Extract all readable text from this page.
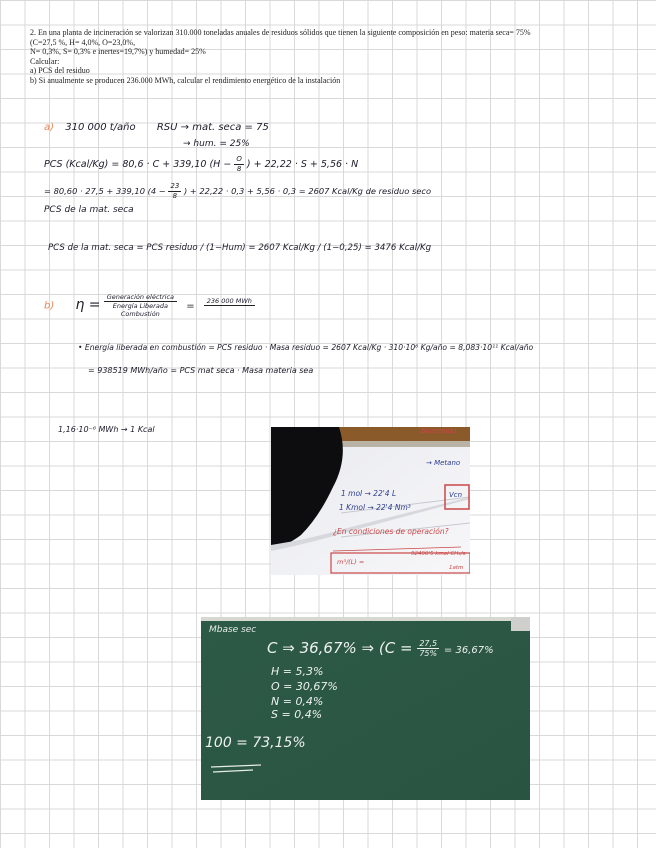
2. En una planta de incineración se valorizan 310.000 toneladas anuales de residuos sólidos que tienen la siguiente composición en peso: materia seca= 75%
(C=27,5 %, H= 4,0%, O=23,0%,
N= 0,3%, S= 0,3% e inertes=19,7%) y humedad= 25%
Calcular:
a) PCS del residuo
b) Si anualmente se producen 236.000 MWh, calcular el rendimiento energético de la instalación
a) 310 000 t/año RSU → mat. seca = 75
→ hum. = 25%
PCS (Kcal/Kg) = 80,6 · C + 339,10 ($H - \frac{O}{8}$ ) + 22,22 · S + 5,56 · N
= 80,60 · 27,5 + 339,10 ($4 - \frac{23}{8}$ ) + 22,22 · 0,3 + 5,56 · 0,3 = 2607 Kcal/Kg de residuo seco
PCS de la mat. seca
PCS de la mat. seca = PCS residuo / (1−Hum) = 2607 Kcal/Kg / (1−0,25) = 3476 Kcal/Kg
b) η = Generación eléctrica
Energía Liberada
Combustión
=	236 000 MWh
• Energía liberada en combustión = PCS residuo · Masa residuo = 2607 Kcal/Kg · 310·10⁶ Kg/año = 8,083·10¹¹ Kcal/año
= 938519 MWh/año = PCS mat seca · Masa materia sea
1,16·10⁻⁶ MWh → 1 Kcal	biorresidu
→ Metano
1 mol → 22'4 L
1 Kmol → 22'4 Nm³
Vcn
¿En condiciones de operación?
m³/(L) =
92490'5 kmol CH₄/a
1atm
Mbase sec
C ⇒ 36,67% ⇒ ($C = \frac{27,5}{75\%} = 36,67\%$
H = 5,3%
O = 30,67%
N = 0,4%
S = 0,4%
100 = 73,15%
